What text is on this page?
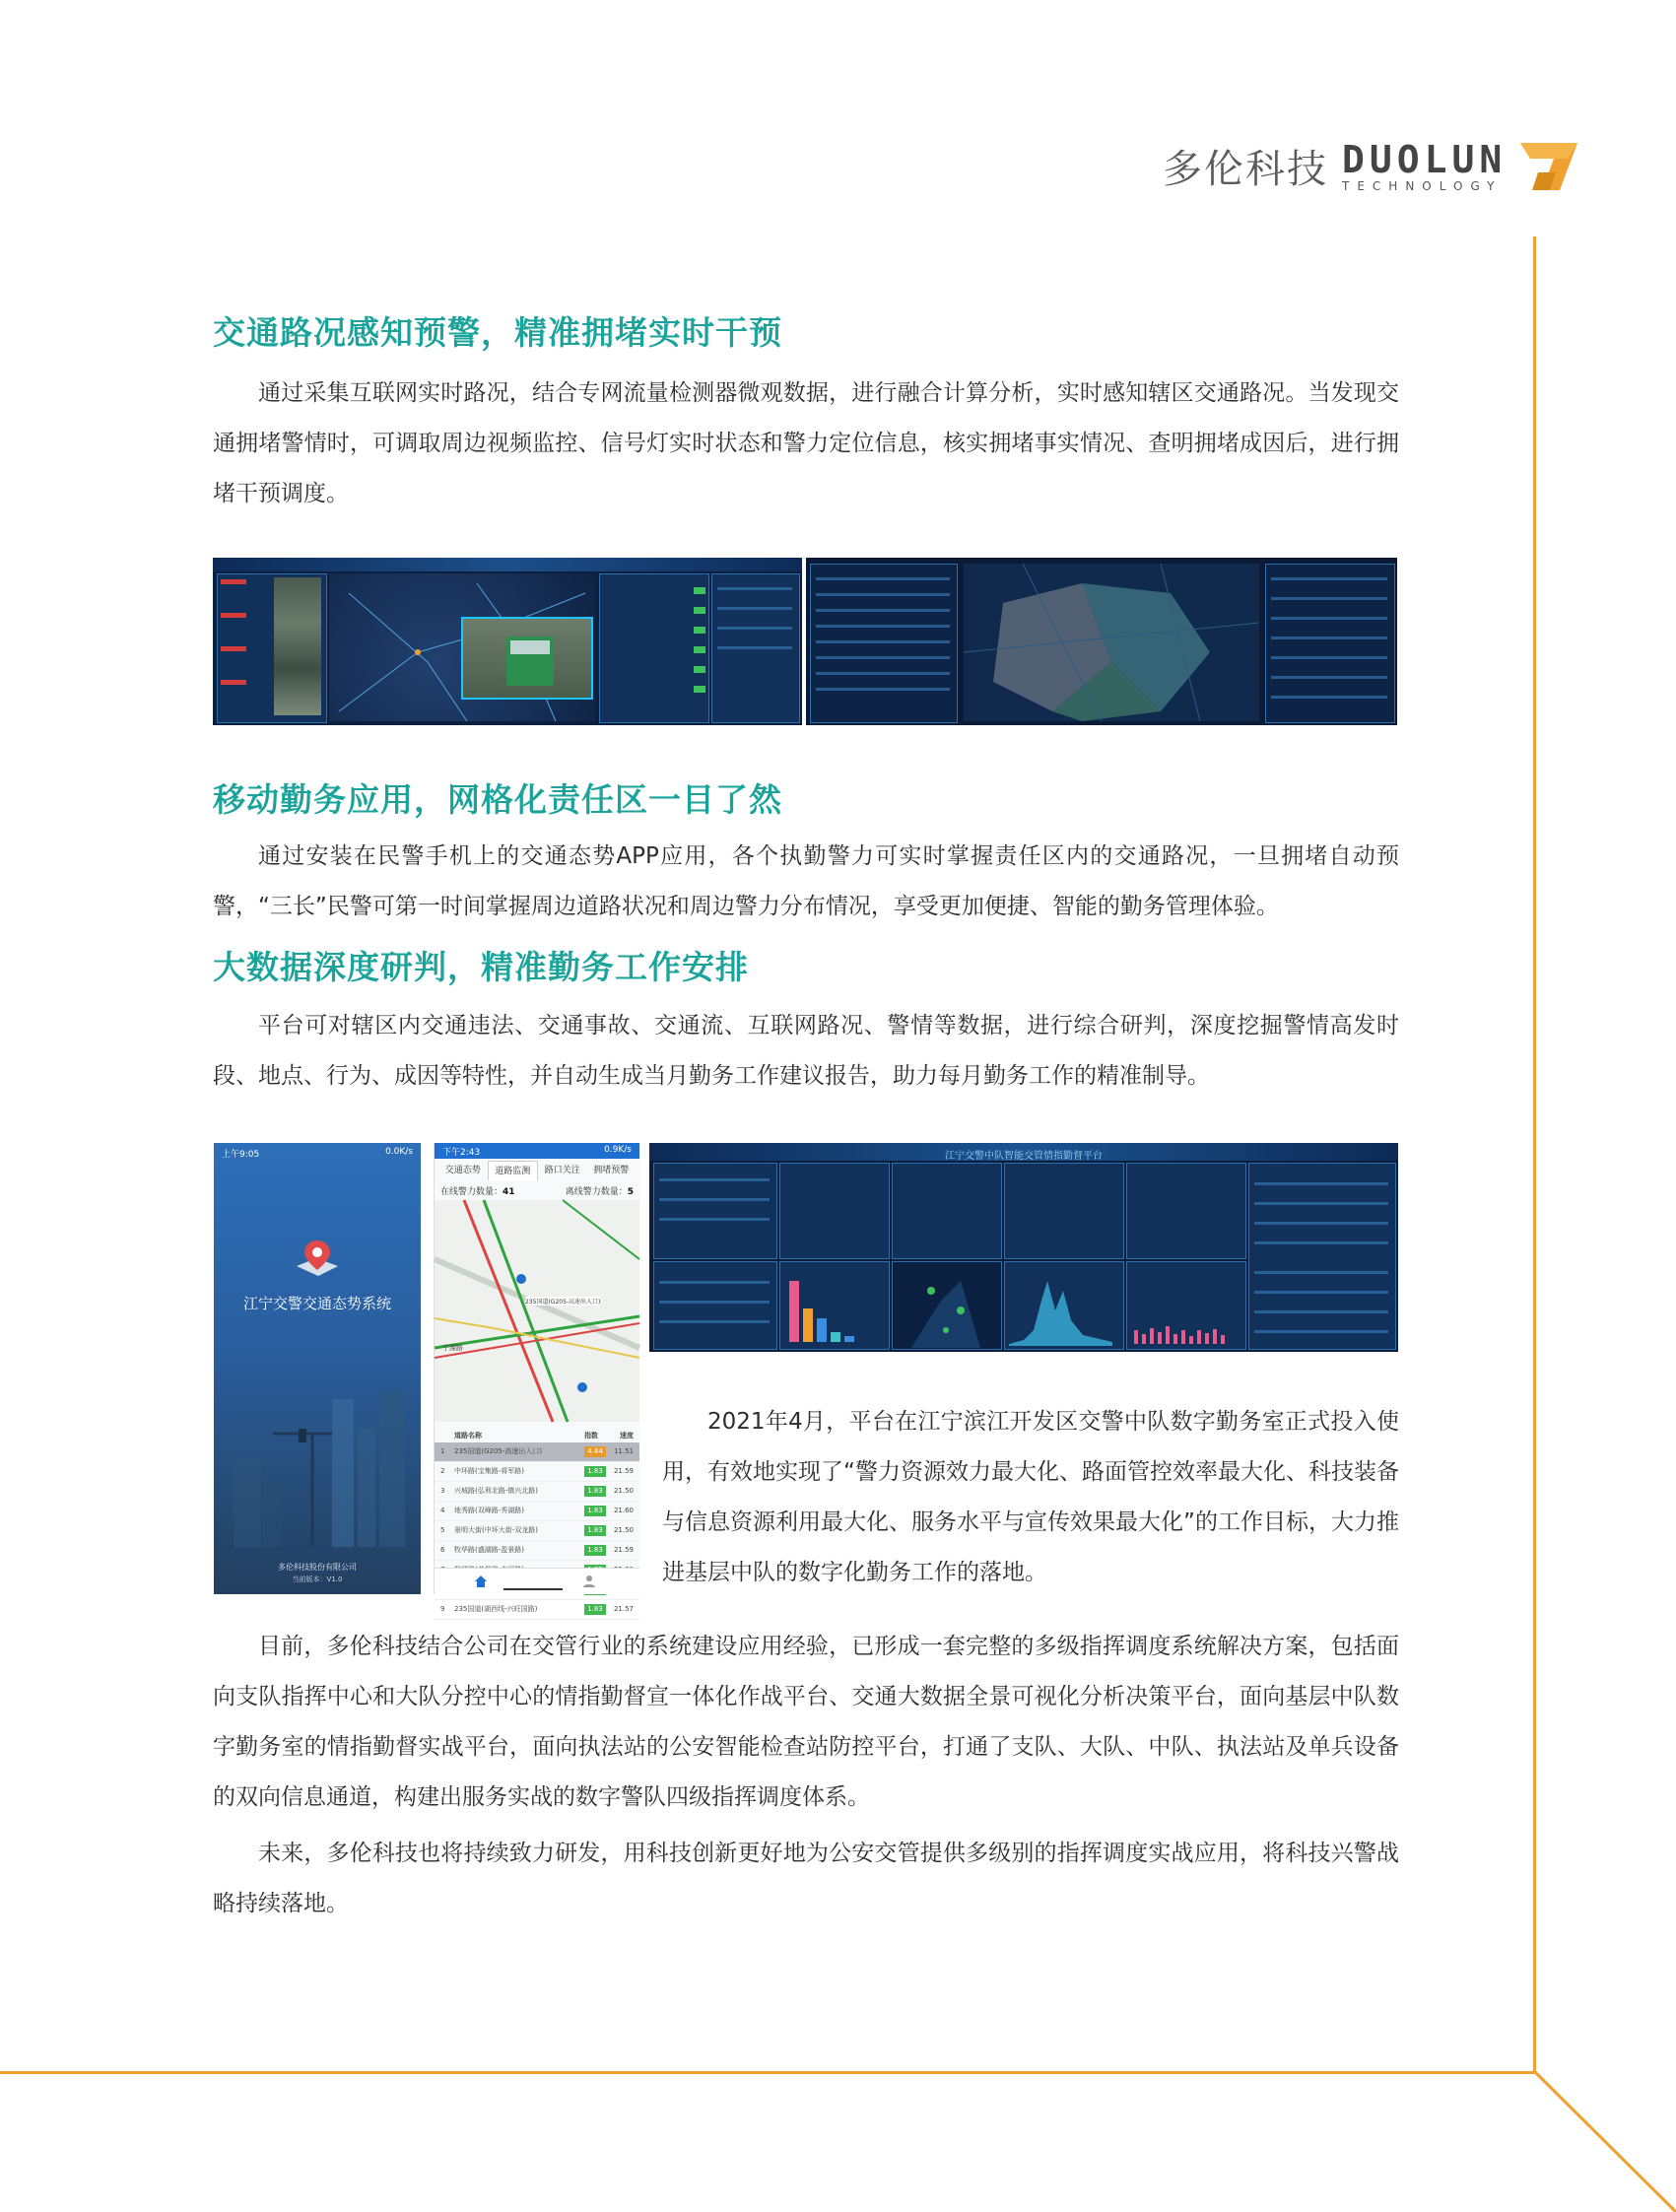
多伦科技 DUOLUN
TECHNOLOGY
交通路况感知预警，精准拥堵实时干预

通过采集互联网实时路况，结合专网流量检测器微观数据，进行融合计算分析，实时感知辖区交通路况。当发现交通拥堵警情时，可调取周边视频监控、信号灯实时状态和警力定位信息，核实拥堵事实情况、查明拥堵成因后，进行拥堵干预调度。

移动勤务应用，网格化责任区一目了然

通过安装在民警手机上的交通态势APP应用，各个执勤警力可实时掌握责任区内的交通路况，一旦拥堵自动预警，“三长”民警可第一时间掌握周边道路状况和周边警力分布情况，享受更加便捷、智能的勤务管理体验。

大数据深度研判，精准勤务工作安排

平台可对辖区内交通违法、交通事故、交通流、互联网路况、警情等数据，进行综合研判，深度挖掘警情高发时段、地点、行为、成因等特性，并自动生成当月勤务工作建议报告，助力每月勤务工作的精准制导。

上午9:05	0.0K/s
江宁交警交通态势系统
多伦科技股份有限公司
当前版本：V1.0
下午2:43	0.9K/s
交通态势	道路监测	路口关注	拥堵预警
在线警力数量：41	离线警力数量：5
宁溧路
235国道(G205-高速出入口)
道路名称	指数	速度
1	235国道(G205-高速出入口)	4.44	11.51
2	中环路(宝集路-将军路)	1.83	21.59
3	兴城路(弘利北路-镇兴北路)	1.83	21.50
4	地秀路(双峰路-秀湖路)	1.83	21.60
5	景明大街(中环大街-双龙路)	1.83	21.50
6	牧华路(盛湖路-盈景路)	1.83	21.59
9	235国道(湖西线-兴旺国路)	1.83	21.57
江宁交警中队智能交管情指勤督平台

2021年4月，平台在江宁滨江开发区交警中队数字勤务室正式投入使用，有效地实现了“警力资源效力最大化、路面管控效率最大化、科技装备与信息资源利用最大化、服务水平与宣传效果最大化”的工作目标，大力推进基层中队的数字化勤务工作的落地。

目前，多伦科技结合公司在交管行业的系统建设应用经验，已形成一套完整的多级指挥调度系统解决方案，包括面向支队指挥中心和大队分控中心的情指勤督宣一体化作战平台、交通大数据全景可视化分析决策平台，面向基层中队数字勤务室的情指勤督实战平台，面向执法站的公安智能检查站防控平台，打通了支队、大队、中队、执法站及单兵设备的双向信息通道，构建出服务实战的数字警队四级指挥调度体系。

未来，多伦科技也将持续致力研发，用科技创新更好地为公安交管提供多级别的指挥调度实战应用，将科技兴警战略持续落地。
